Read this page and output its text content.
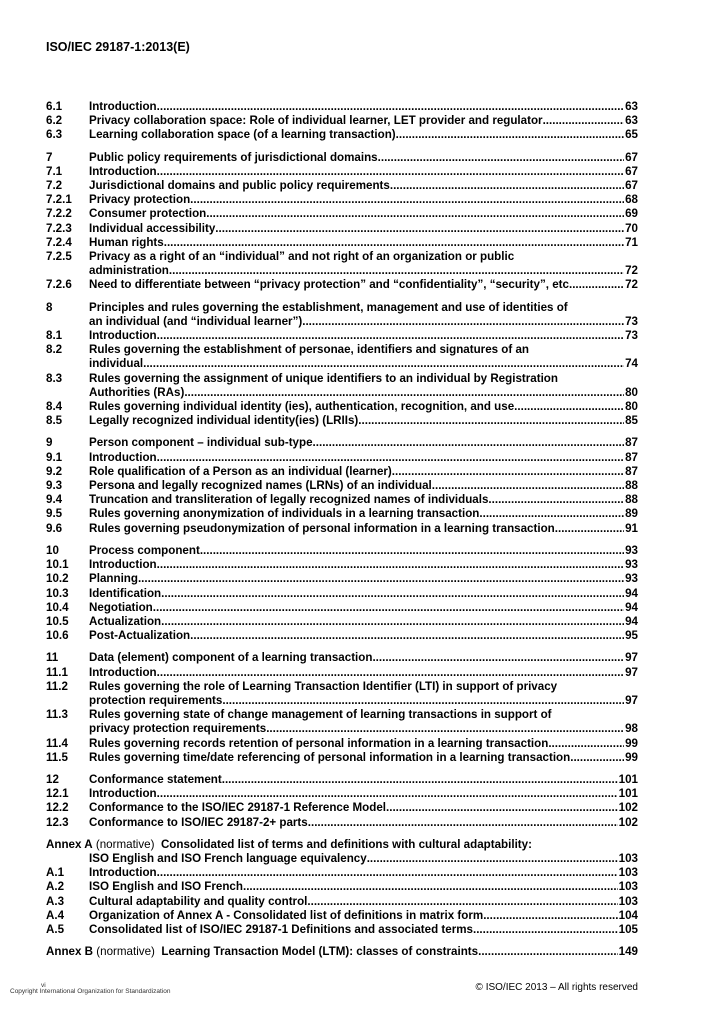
ISO/IEC 29187-1:2013(E)
6.1	Introduction .....	63
6.2	Privacy collaboration space: Role of individual learner, LET provider and regulator .....	63
6.3	Learning collaboration space (of a learning transaction) .....	65
7	Public policy requirements of jurisdictional domains .....	67
7.1	Introduction .....	67
7.2	Jurisdictional domains and public policy requirements .....	67
7.2.1	Privacy protection .....	68
7.2.2	Consumer protection .....	69
7.2.3	Individual accessibility .....	70
7.2.4	Human rights .....	71
7.2.5	Privacy as a right of an “individual” and not right of an organization or public
administration .....	72
7.2.6	Need to differentiate between “privacy protection” and “confidentiality”, “security”, etc. .....	72
8	Principles and rules governing the establishment, management and use of identities of
an individual (and “individual learner”) .....	73
8.1	Introduction .....	73
8.2	Rules governing the establishment of personae, identifiers and signatures of an
individual .....	74
8.3	Rules governing the assignment of unique identifiers to an individual by Registration
Authorities (RAs) .....	80
8.4	Rules governing individual identity (ies), authentication, recognition, and use .....	80
8.5	Legally recognized individual identity(ies) (LRIIs) .....	85
9	Person component – individual sub-type .....	87
9.1	Introduction .....	87
9.2	Role qualification of a Person as an individual (learner) .....	87
9.3	Persona and legally recognized names (LRNs) of an individual .....	88
9.4	Truncation and transliteration of legally recognized names of individuals .....	88
9.5	Rules governing anonymization of individuals in a learning transaction .....	89
9.6	Rules governing pseudonymization of personal information in a learning transaction .....	91
10	Process component .....	93
10.1	Introduction .....	93
10.2	Planning .....	93
10.3	Identification .....	94
10.4	Negotiation .....	94
10.5	Actualization .....	94
10.6	Post-Actualization .....	95
11	Data (element) component of a learning transaction .....	97
11.1	Introduction .....	97
11.2	Rules governing the role of Learning Transaction Identifier (LTI) in support of privacy
protection requirements .....	97
11.3	Rules governing state of change management of learning transactions in support of
privacy protection requirements .....	98
11.4	Rules governing records retention of personal information in a learning transaction .....	99
11.5	Rules governing time/date referencing of personal information in a learning transaction .....	99
12	Conformance statement .....	101
12.1	Introduction .....	101
12.2	Conformance to the ISO/IEC 29187-1 Reference Model .....	102
12.3	Conformance to ISO/IEC 29187-2+ parts .....	102
Annex A
(normative)
Consolidated list of terms and definitions with cultural adaptability:
ISO English and ISO French language equivalency .....	103
A.1	Introduction .....	103
A.2	ISO English and ISO French .....	103
A.3	Cultural adaptability and quality control .....	103
A.4	Organization of Annex A - Consolidated list of definitions in matrix form .....	104
A.5	Consolidated list of ISO/IEC 29187-1 Definitions and associated terms .....	105
Annex B
(normative)
Learning Transaction Model (LTM): classes of constraints .....	149
vi
Copyright International Organization for Standardization	© ISO/IEC 2013 – All rights reserved
